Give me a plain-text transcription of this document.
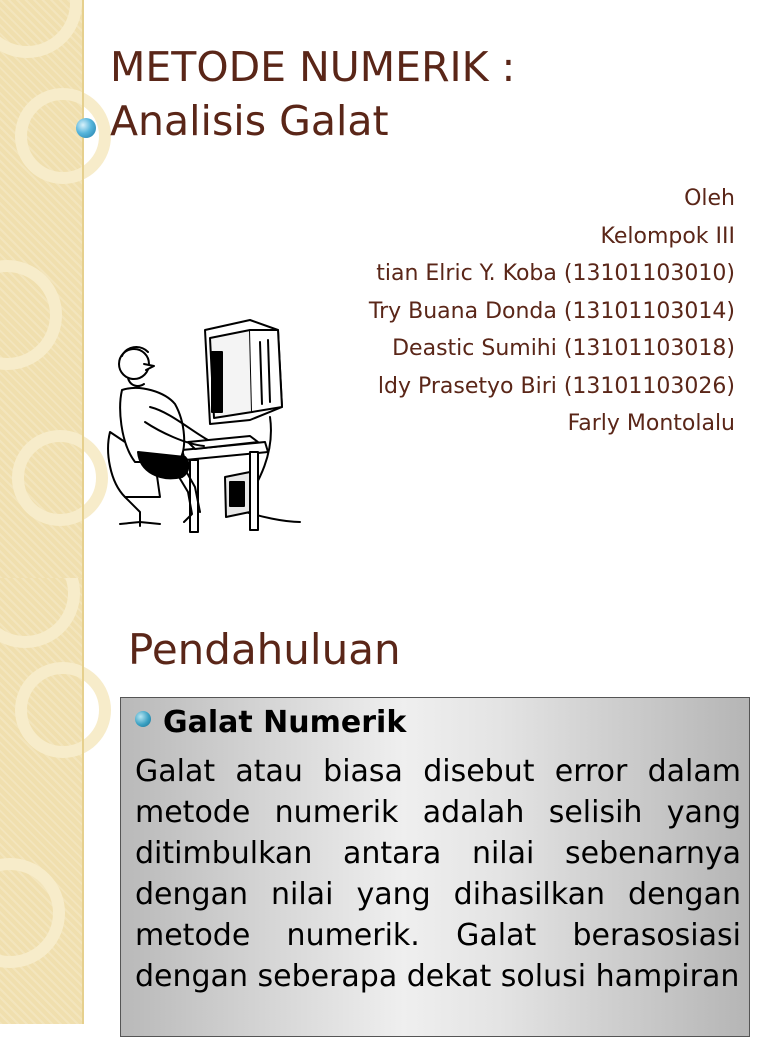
METODE NUMERIK :
Analisis Galat
Oleh
Kelompok III
tian Elric Y. Koba (13101103010)
Try Buana Donda (13101103014)
Deastic Sumihi (13101103018)
ldy Prasetyo Biri (13101103026)
Farly Montolalu
Pendahuluan

Galat Numerik

Galat atau biasa disebut error dalam metode numerik adalah selisih yang ditimbulkan antara nilai sebenarnya dengan nilai yang dihasilkan dengan metode numerik. Galat berasosiasi dengan seberapa dekat solusi hampiran
